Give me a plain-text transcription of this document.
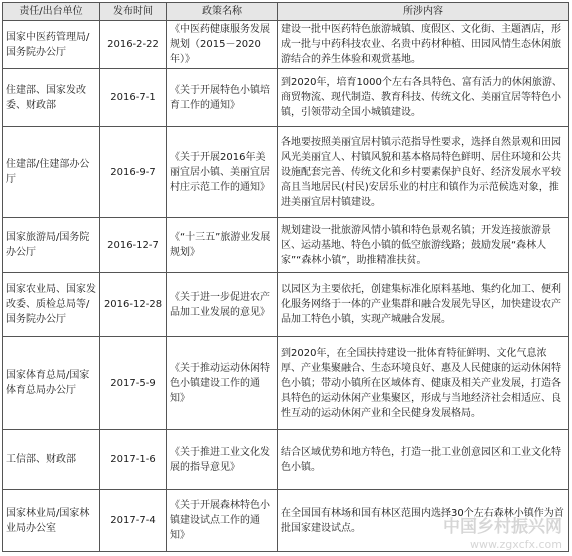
责任/出台单位	发布时间	政策名称	所涉内容
国家中医药管理局/国务院办公厅	2016-2-22	《中医药健康服务发展规划（2015－2020年）》	建设一批中医药特色旅游城镇、度假区、文化街、主题酒店，形成一批与中药科技农业、名贵中药材种植、田园风情生态休闲旅游结合的养生体验和观赏基地。
住建部、国家发改委、财政部	2016-7-1	《关于开展特色小镇培育工作的通知》	到2020年，培育1000个左右各具特色、富有活力的休闲旅游、商贸物流、现代制造、教育科技、传统文化、美丽宜居等特色小镇，引领带动全国小城镇建设。
住建部/住建部办公厅	2016-9-7	《关于开展2016年美丽宜居小镇、美丽宜居村庄示范工作的通知》	各地要按照美丽宜居村镇示范指导性要求，选择自然景观和田园风光美丽宜人、村镇风貌和基本格局特色鲜明、居住环境和公共设施配套完善、传统文化和乡村要素保护良好、经济发展水平较高且当地居民(村民)安居乐业的村庄和镇作为示范候选对象，推进美丽宜居村镇建设。
国家旅游局/国务院办公厅	2016-12-7	《“十三五”旅游业发展规划》	规划建设一批旅游风情小镇和特色景观名镇；开发连接旅游景区、运动基地、特色小镇的低空旅游线路；鼓励发展“森林人家”“森林小镇”，助推精准扶贫。
国家农业局、国家发改委、质检总局等/国务院办公厅	2016-12-28	《关于进一步促进农产品加工业发展的意见》	以园区为主要依托，创建集标准化原料基地、集约化加工、便利化服务网络于一体的产业集群和融合发展先导区，加快建设农产品加工特色小镇，实现产城融合发展。
国家体育总局/国家体育总局办公厅	2017-5-9	《关于推动运动休闲特色小镇建设工作的通知》	到2020年，在全国扶持建设一批体育特征鲜明、文化气息浓厚、产业集聚融合、生态环境良好、惠及人民健康的运动休闲特色小镇；带动小镇所在区域体育、健康及相关产业发展，打造各具特色的运动休闲产业集聚区，形成与当地经济社会相适应、良性互动的运动休闲产业和全民健身发展格局。
工信部、财政部	2017-1-6	《关于推进工业文化发展的指导意见》	结合区域优势和地方特色，打造一批工业创意园区和工业文化特色小镇。
国家林业局/国家林业局办公室	2017-7-4	《关于开展森林特色小镇建设试点工作的通知》	在全国国有林场和国有林区范围内选择30个左右森林小镇作为首批国家建设试点。	中国乡村振兴网
www.zgxcfx.com
